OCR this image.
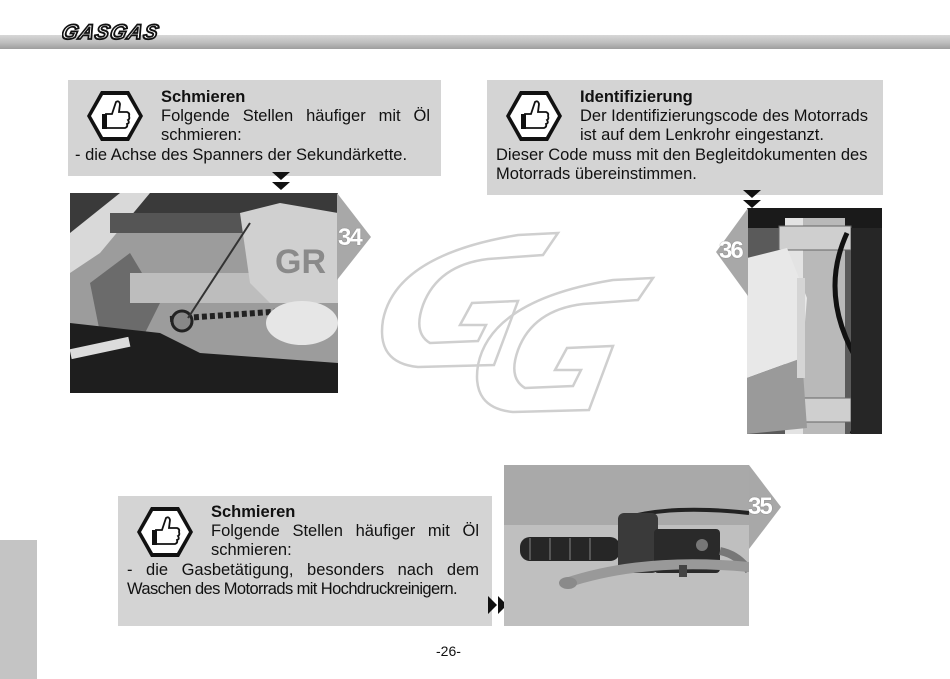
GASGAS
Schmieren
Folgende Stellen häufiger mit Öl
schmieren:
- die Achse des Spanners der Sekundärkette.
GR
34
Identifizierung
Der Identifizierungscode des Motorrads
ist auf dem Lenkrohr eingestanzt.
Dieser Code muss mit den Begleitdokumenten des
Motorrads übereinstimmen.
36
Schmieren
Folgende Stellen häufiger mit Öl
schmieren:
- die Gasbetätigung, besonders nach dem
Waschen des Motorrads mit Hochdruckreinigern.
35
-26-
